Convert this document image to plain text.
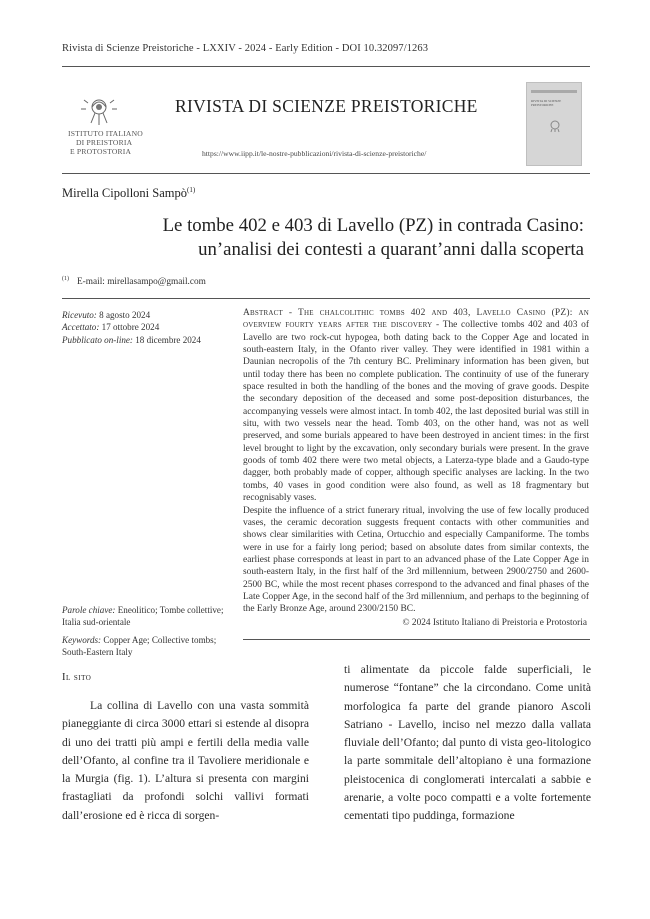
Rivista di Scienze Preistoriche - LXXIV - 2024 - Early Edition - DOI 10.32097/1263
ISTITUTO ITALIANO
DI PREISTORIA
E PROTOSTORIA
RIVISTA DI SCIENZE PREISTORICHE
https://www.iipp.it/le-nostre-pubblicazioni/rivista-di-scienze-preistoriche/
RIVISTA DI SCIENZE PREISTORICHE
Mirella Cipolloni Sampò$^{(1)}$
Le tombe 402 e 403 di Lavello (PZ) in contrada Casino:
un’analisi dei contesti a quarant’anni dalla scoperta
$^{(1)}$ E-mail: mirellasampo@gmail.com
Ricevuto: 8 agosto 2024
Accettato: 17 ottobre 2024
Pubblicato on-line: 18 dicembre 2024

Abstract - The chalcolithic tombs 402 and 403, Lavello Casino (PZ): an overview fourty years after the discovery - The collective tombs 402 and 403 of Lavello are two rock-cut hypogea, both dating back to the Copper Age and located in south-eastern Italy, in the Ofanto river valley. They were identified in 1981 within a Daunian necropolis of the 7th century BC. Preliminary information has been given, but until today there has been no complete publication. The continuity of use of the funerary space resulted in both the handling of the bones and the moving of grave goods. Despite the secondary deposition of the deceased and some post-deposition disturbances, the accompanying vessels were almost intact. In tomb 402, the last deposited burial was still in situ, with two vessels near the head. Tomb 403, on the other hand, was not as well preserved, and some burials appeared to have been destroyed in ancient times: in the first level brought to light by the excavation, only secondary burials were present. In the grave goods of tomb 402 there were two metal objects, a Laterza-type blade and a Gaudo-type dagger, both probably made of copper, although specific analyses are lacking. In the two tombs, 40 vases in good condition were also found, as well as 18 fragmentary but recognisably vases.

Despite the influence of a strict funerary ritual, involving the use of few locally produced vases, the ceramic decoration suggests frequent contacts with other communities and shows clear similarities with Cetina, Ortucchio and especially Campaniforme. The tombs were in use for a fairly long period; based on absolute dates from similar contexts, the earliest phase corresponds at least in part to an advanced phase of the Late Copper Age in south-eastern Italy, in the first half of the 3rd millennium, between 2900/2750 and 2600-2500 BC, while the most recent phases correspond to the advanced and final phases of the Late Copper Age, in the second half of the 3rd millennium, and perhaps to the beginning of the Early Bronze Age, around 2300/2150 BC.

Parole chiave: Eneolitico; Tombe collettive; Italia sud-orientale
Keywords: Copper Age; Collective tombs; South-Eastern Italy
© 2024 Istituto Italiano di Preistoria e Protostoria
Il sito

La collina di Lavello con una vasta sommità pianeggiante di circa 3000 ettari si estende al disopra di uno dei tratti più ampi e fertili della media valle dell’Ofanto, al confine tra il Tavoliere meridionale e la Murgia (fig. 1). L’altura si presenta con margini frastagliati da profondi solchi vallivi formati dall’erosione ed è ricca di sorgen-

ti alimentate da piccole falde superficiali, le numerose “fontane” che la circondano. Come unità morfologica fa parte del grande pianoro Ascoli Satriano - Lavello, inciso nel mezzo dalla vallata fluviale dell’Ofanto; dal punto di vista geo-litologico la parte sommitale dell’altopiano è una formazione pleistocenica di conglomerati intercalati a sabbie e arenarie, a volte poco compatti e a volte fortemente cementati tipo puddinga, formazione
